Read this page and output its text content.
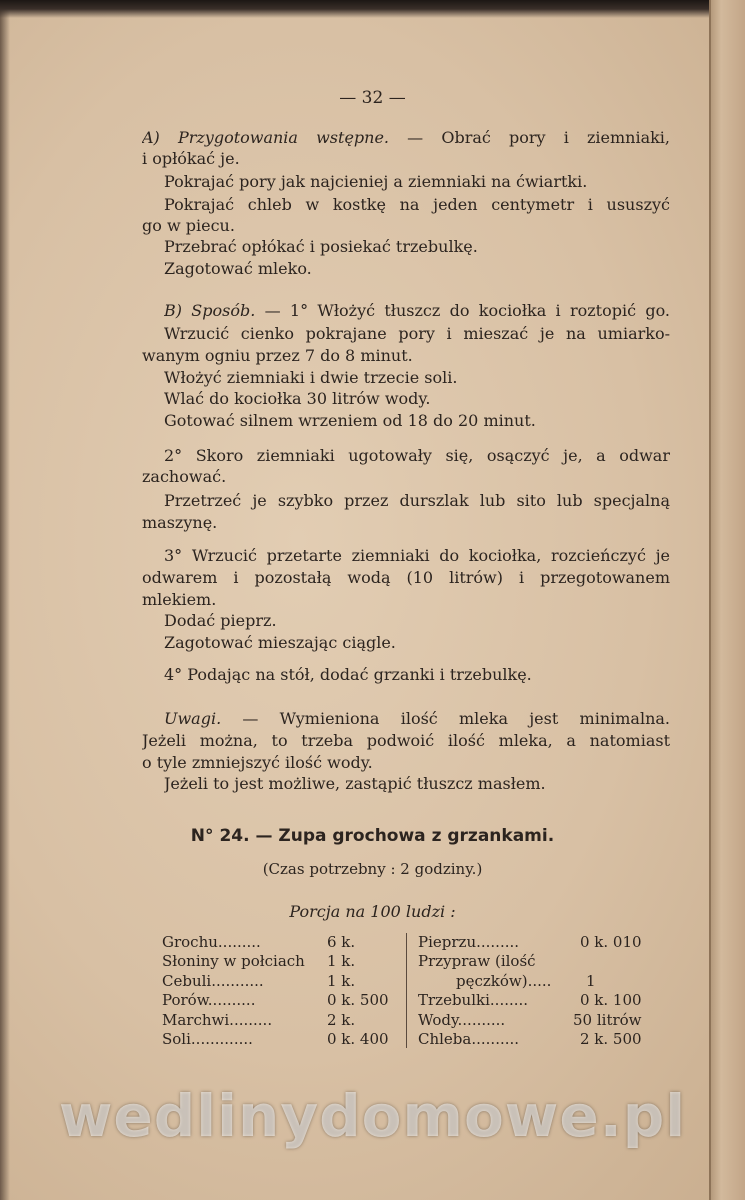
— 32 —
A) Przygotowania wstępne. — Obrać pory i ziemniaki,
i opłókać je.
Pokrajać pory jak najcieniej a ziemniaki na ćwiartki.
Pokrajać chleb w kostkę na jeden centymetr i ususzyć
go w piecu.
Przebrać opłókać i posiekać trzebulkę.
Zagotować mleko.
B) Sposób. — 1° Włożyć tłuszcz do kociołka i roztopić go.
Wrzucić cienko pokrajane pory i mieszać je na umiarko-
wanym ogniu przez 7 do 8 minut.
Włożyć ziemniaki i dwie trzecie soli.
Wlać do kociołka 30 litrów wody.
Gotować silnem wrzeniem od 18 do 20 minut.
2° Skoro ziemniaki ugotowały się, osączyć je, a odwar
zachować.
Przetrzeć je szybko przez durszlak lub sito lub specjalną
maszynę.
3° Wrzucić przetarte ziemniaki do kociołka, rozcieńczyć je
odwarem i pozostałą wodą (10 litrów) i przegotowanem
mlekiem.
Dodać pieprz.
Zagotować mieszając ciągle.
4° Podając na stół, dodać grzanki i trzebulkę.
Uwagi. — Wymieniona ilość mleka jest minimalna.
Jeżeli można, to trzeba podwoić ilość mleka, a natomiast
o tyle zmniejszyć ilość wody.
Jeżeli to jest możliwe, zastąpić tłuszcz masłem.
N° 24. — Zupa grochowa z grzankami.
(Czas potrzebny : 2 godziny.)
Porcja na 100 ludzi :
Grochu.........	6 k.
Słoniny w połciach 1 k.
Cebuli...........	1 k.
Porów..........	0 k. 500
Marchwi.........	2 k.
Soli.............	0 k. 400
Pieprzu.........	0 k. 010
Przypraw (ilość
pęczków)..... 1
Trzebulki........	0 k. 100
Wody..........	50 litrów
Chleba..........	2 k. 500
wedlinydomowe.pl
